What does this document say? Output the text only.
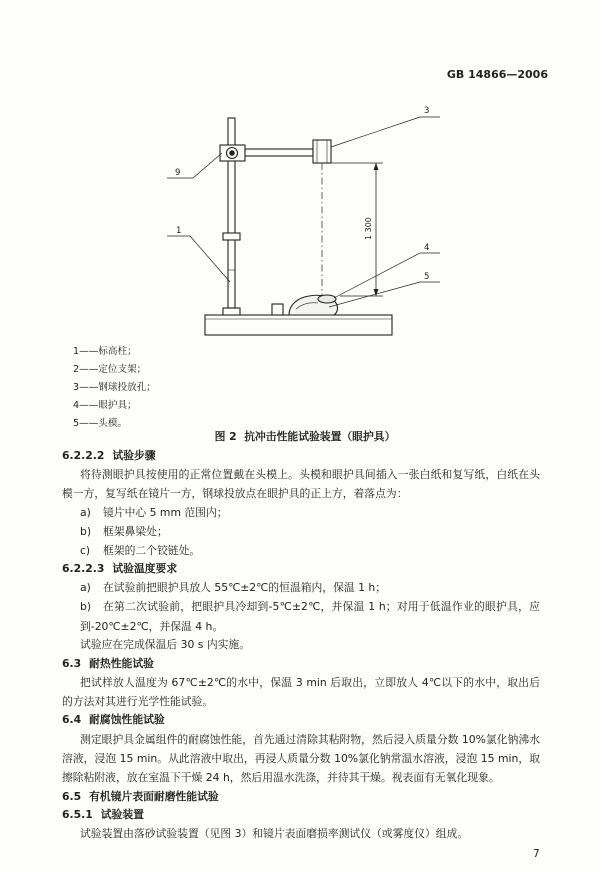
GB 14866—2006
3
9
1
4
5
1 300
1——标高柱；
2——定位支架；
3——钢球投放孔；
4——眼护具；
5——头模。
图 2  抗冲击性能试验装置（眼护具）
6.2.2.2 试验步骤
将待测眼护具按使用的正常位置戴在头模上。头模和眼护具间插入一张白纸和复写纸，白纸在头
模一方，复写纸在镜片一方，钢球投放点在眼护具的正上方，着落点为：
a) 镜片中心 5 mm 范围内；
b) 框架鼻梁处；
c) 框架的二个铰链处。
6.2.2.3 试验温度要求
a) 在试验前把眼护具放人 55℃±2℃的恒温箱内，保温 1 h；
b) 在第二次试验前，把眼护具冷却到-5℃±2℃，并保温 1 h；对用于低温作业的眼护具，应
到-20℃±2℃，并保温 4 h。
试验应在完成保温后 30 s 内实施。
6.3 耐热性能试验
把试样放人温度为 67℃±2℃的水中，保温 3 min 后取出，立即放人 4℃以下的水中，取出后
的方法对其进行光学性能试验。
6.4 耐腐蚀性能试验
测定眼护具金属组件的耐腐蚀性能，首先通过清除其粘附物，然后浸入质量分数 10%氯化钠沸水
溶液，浸泡 15 min。从此溶液中取出，再浸人质量分数 10%氯化钠常温水溶液，浸泡 15 min，取
擦除粘附液，放在室温下干燥 24 h，然后用温水洗涤，并待其干燥。视表面有无氧化现象。
6.5 有机镜片表面耐磨性能试验
6.5.1 试验装置
试验装置由落砂试验装置（见图 3）和镜片表面磨损率测试仪（或雾度仪）组成。
7
